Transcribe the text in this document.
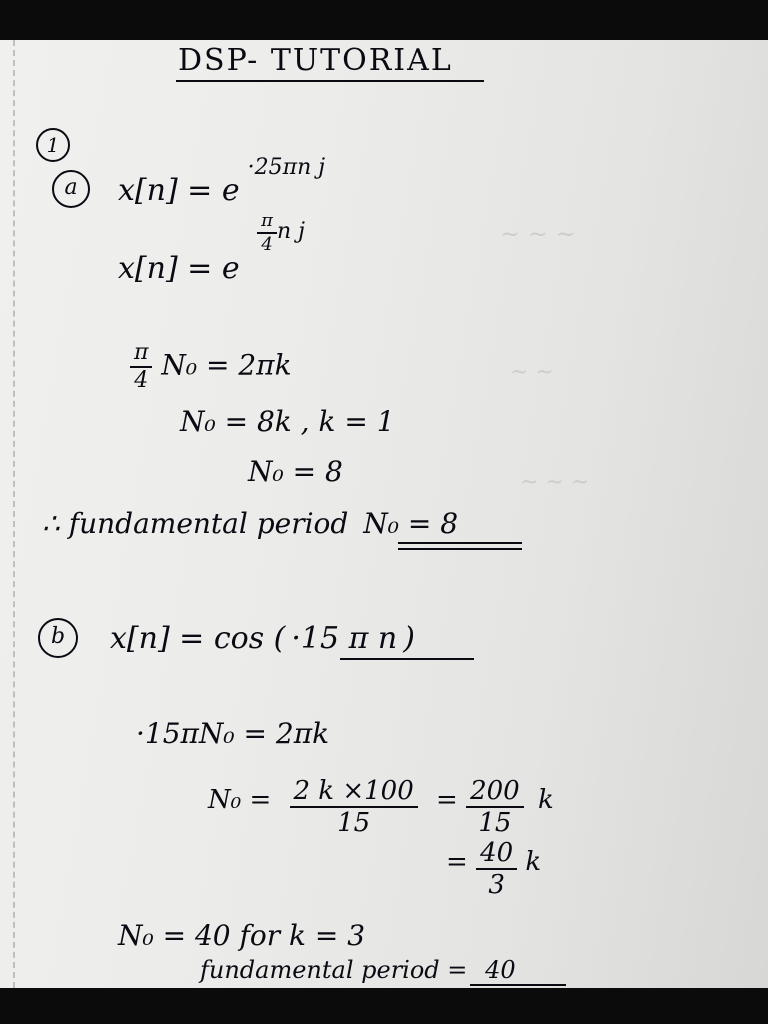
~ ~ ~
~ ~
~ ~ ~
DSP- TUTORIAL
1
a	$x[n] = e^{\cdot 25\pi n j}$
x[n] = e
$^{\frac{\pi}{4} n j}$
$\frac{\pi}{4} N_0 = 2\pi k$
N₀ = 8k , k = 1
N₀ = 8
∴ fundamental period N₀ = 8
b	x[n] = cos ( ·15 π n )
·15πN₀ = 2πk
$N_0 = \frac{2 k \times 100}{15} = \frac{200}{15}$ k
= $\frac{40}{3}$ k
N₀ = 40 for k = 3
fundamental period = 40
